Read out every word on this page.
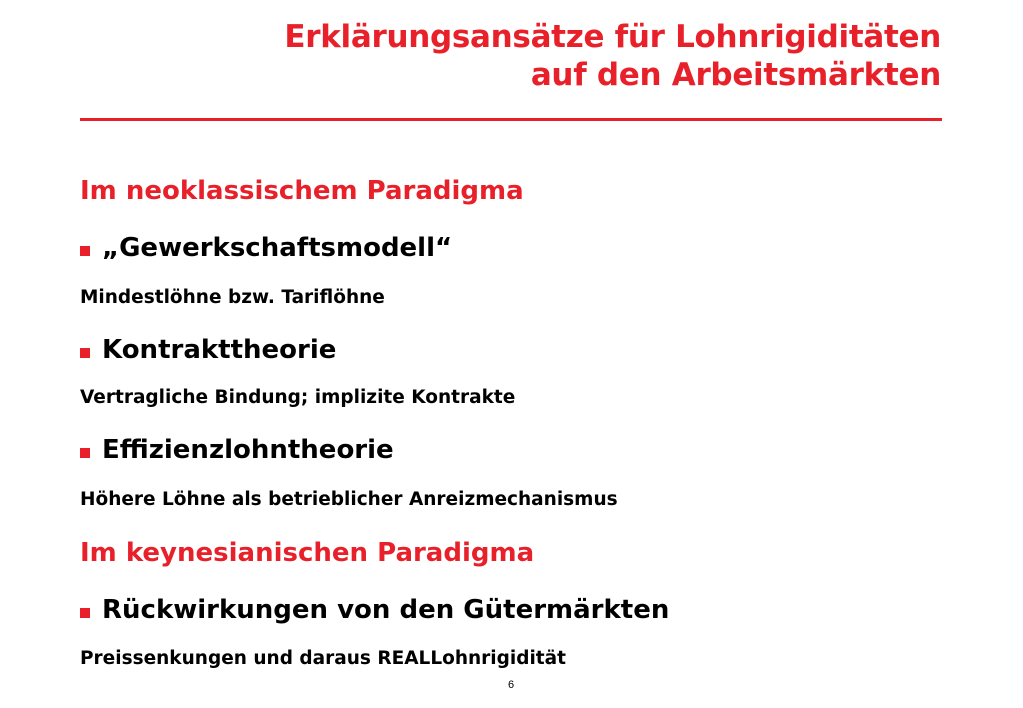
Erklärungsansätze für Lohnrigiditäten
auf den Arbeitsmärkten
Im neoklassischem Paradigma
„Gewerkschaftsmodell“
Mindestlöhne bzw. Tariflöhne
Kontrakttheorie
Vertragliche Bindung; implizite Kontrakte
Effizienzlohntheorie
Höhere Löhne als betrieblicher Anreizmechanismus
Im keynesianischen Paradigma
Rückwirkungen von den Gütermärkten
Preissenkungen und daraus REALLohnrigidität
6
